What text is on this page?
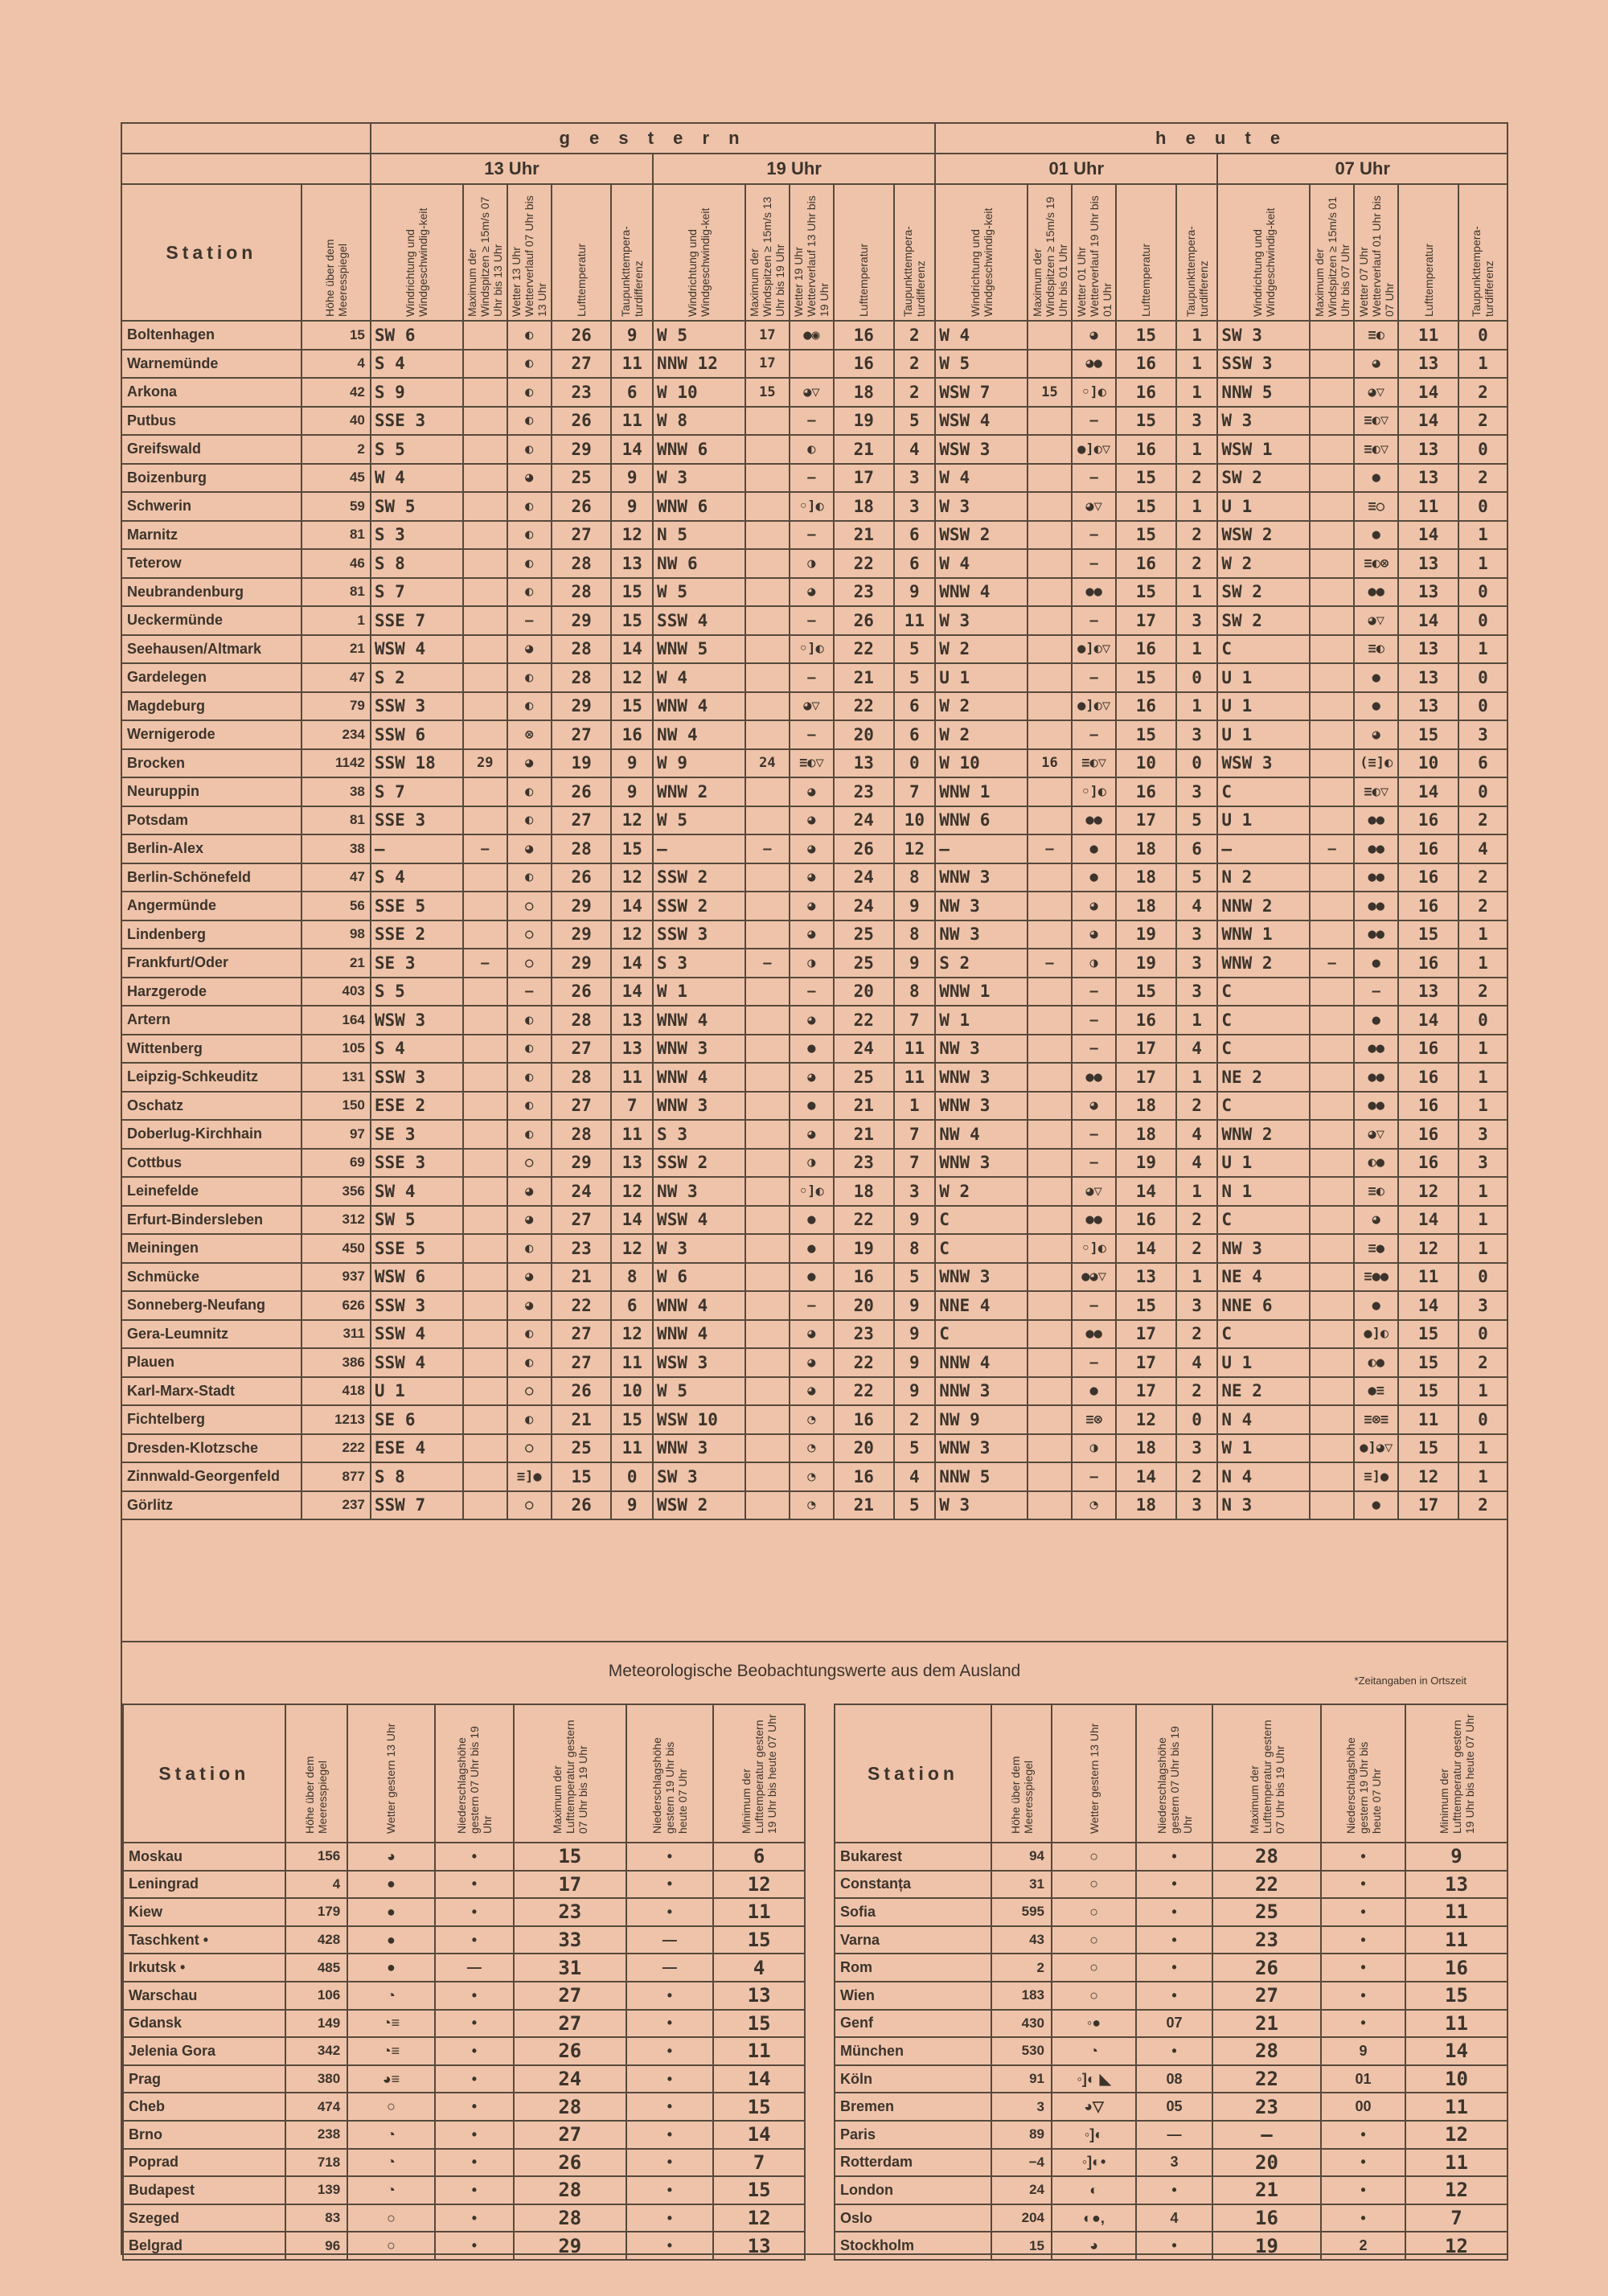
		g e s t e r n										h e u t e									
		13 Uhr					19 Uhr					01 Uhr					07 Uhr				
Station	Höhe über dem Meeresspiegel	Windrichtung und Windgeschwindig-keit	Maximum der Windspitzen ≥ 15m/s 07 Uhr bis 13 Uhr	Wetter 13 Uhr Wetterverlauf 07 Uhr bis 13 Uhr	Lufttemperatur	Taupunkttempera-turdifferenz	Windrichtung und Windgeschwindig-keit	Maximum der Windspitzen ≥ 15m/s 13 Uhr bis 19 Uhr	Wetter 19 Uhr Wetterverlauf 13 Uhr bis 19 Uhr	Lufttemperatur	Taupunkttempera-turdifferenz	Windrichtung und Windgeschwindig-keit	Maximum der Windspitzen ≥ 15m/s 19 Uhr bis 01 Uhr	Wetter 01 Uhr Wetterverlauf 19 Uhr bis 01 Uhr	Lufttemperatur	Taupunkttempera-turdifferenz	Windrichtung und Windgeschwindig-keit	Maximum der Windspitzen ≥ 15m/s 01 Uhr bis 07 Uhr	Wetter 07 Uhr Wetterverlauf 01 Uhr bis 07 Uhr	Lufttemperatur	Taupunkttempera-turdifferenz

Boltenhagen	15	SW 6		◐	26	9	W 5	17	●◉	16	2	W 4		◕	15	1	SW 3		≡◐	11	0
Warnemünde	4	S 4		◐	27	11	NNW 12	17		16	2	W 5		◕●	16	1	SSW 3		◕	13	1
Arkona	42	S 9		◐	23	6	W 10	15	◕▽	18	2	WSW 7	15	◦]◐	16	1	NNW 5		◕▽	14	2
Putbus	40	SSE 3		◐	26	11	W 8		—	19	5	WSW 4		—	15	3	W 3		≡◐▽	14	2
Greifswald	2	S 5		◐	29	14	WNW 6		◐	21	4	WSW 3		●]◐▽	16	1	WSW 1		≡◐▽	13	0
Boizenburg	45	W 4		◕	25	9	W 3		—	17	3	W 4		—	15	2	SW 2		●	13	2
Schwerin	59	SW 5		◐	26	9	WNW 6		◦]◐	18	3	W 3		◕▽	15	1	U 1		≡○	11	0
Marnitz	81	S 3		◐	27	12	N 5		—	21	6	WSW 2		—	15	2	WSW 2		●	14	1
Teterow	46	S 8		◐	28	13	NW 6		◑	22	6	W 4		—	16	2	W 2		≡◐⊗	13	1
Neubrandenburg	81	S 7		◐	28	15	W 5		◕	23	9	WNW 4		●●	15	1	SW 2		●●	13	0
Ueckermünde	1	SSE 7		—	29	15	SSW 4		—	26	11	W 3		—	17	3	SW 2		◕▽	14	0
Seehausen/Altmark	21	WSW 4		◕	28	14	WNW 5		◦]◐	22	5	W 2		●]◐▽	16	1	C		≡◐	13	1
Gardelegen	47	S 2		◐	28	12	W 4		—	21	5	U 1		—	15	0	U 1		●	13	0
Magdeburg	79	SSW 3		◐	29	15	WNW 4		◕▽	22	6	W 2		●]◐▽	16	1	U 1		●	13	0
Wernigerode	234	SSW 6		⊗	27	16	NW 4		—	20	6	W 2		—	15	3	U 1		◕	15	3
Brocken	1142	SSW 18	29	◕	19	9	W 9	24	≡◐▽	13	0	W 10	16	≡◐▽	10	0	WSW 3		(≡]◐	10	6
Neuruppin	38	S 7		◐	26	9	WNW 2		◕	23	7	WNW 1		◦]◐	16	3	C		≡◐▽	14	0
Potsdam	81	SSE 3		◐	27	12	W 5		◕	24	10	WNW 6		●●	17	5	U 1		●●	16	2
Berlin-Alex	38	—	—	◕	28	15	—	—	◕	26	12	—	—	●	18	6	—	—	●●	16	4
Berlin-Schönefeld	47	S 4		◐	26	12	SSW 2		◕	24	8	WNW 3		●	18	5	N 2		●●	16	2
Angermünde	56	SSE 5		○	29	14	SSW 2		◕	24	9	NW 3		◕	18	4	NNW 2		●●	16	2
Lindenberg	98	SSE 2		○	29	12	SSW 3		◕	25	8	NW 3		◕	19	3	WNW 1		●●	15	1
Frankfurt/Oder	21	SE 3	—	○	29	14	S 3	—	◑	25	9	S 2	—	◑	19	3	WNW 2	—	●	16	1
Harzgerode	403	S 5		—	26	14	W 1		—	20	8	WNW 1		—	15	3	C		—	13	2
Artern	164	WSW 3		◐	28	13	WNW 4		◕	22	7	W 1		—	16	1	C		●	14	0
Wittenberg	105	S 4		◐	27	13	WNW 3		●	24	11	NW 3		—	17	4	C		●●	16	1
Leipzig-Schkeuditz	131	SSW 3		◐	28	11	WNW 4		◕	25	11	WNW 3		●●	17	1	NE 2		●●	16	1
Oschatz	150	ESE 2		◐	27	7	WNW 3		●	21	1	WNW 3		◕	18	2	C		●●	16	1
Doberlug-Kirchhain	97	SE 3		◐	28	11	S 3		◕	21	7	NW 4		—	18	4	WNW 2		◕▽	16	3
Cottbus	69	SSE 3		○	29	13	SSW 2		◑	23	7	WNW 3		—	19	4	U 1		◐●	16	3
Leinefelde	356	SW 4		◕	24	12	NW 3		◦]◐	18	3	W 2		◕▽	14	1	N 1		≡◐	12	1
Erfurt-Bindersleben	312	SW 5		◕	27	14	WSW 4		●	22	9	C		●●	16	2	C		◕	14	1
Meiningen	450	SSE 5		◐	23	12	W 3		●	19	8	C		◦]◐	14	2	NW 3		≡●	12	1
Schmücke	937	WSW 6		◕	21	8	W 6		●	16	5	WNW 3		●◕▽	13	1	NE 4		≡●●	11	0
Sonneberg-Neufang	626	SSW 3		◕	22	6	WNW 4		—	20	9	NNE 4		—	15	3	NNE 6		●	14	3
Gera-Leumnitz	311	SSW 4		◐	27	12	WNW 4		◕	23	9	C		●●	17	2	C		●]◐	15	0
Plauen	386	SSW 4		◐	27	11	WSW 3		◕	22	9	NNW 4		—	17	4	U 1		◐●	15	2
Karl-Marx-Stadt	418	U 1		○	26	10	W 5		◕	22	9	NNW 3		●	17	2	NE 2		●≡	15	1
Fichtelberg	1213	SE 6		◐	21	15	WSW 10		◔	16	2	NW 9		≡⊗	12	0	N 4		≡⊗≡	11	0
Dresden-Klotzsche	222	ESE 4		○	25	11	WNW 3		◔	20	5	WNW 3		◑	18	3	W 1		●]◕▽	15	1
Zinnwald-Georgenfeld	877	S 8		≡]●	15	0	SW 3		◔	16	4	NNW 5		—	14	2	N 4		≡]●	12	1
Görlitz	237	SSW 7		○	26	9	WSW 2		◔	21	5	W 3		◔	18	3	N 3		●	17	2
Meteorologische Beobachtungswerte aus dem Ausland
*Zeitangaben in Ortszeit
Station	Höhe über dem Meeresspiegel	Wetter gestern 13 Uhr	Niederschlagshöhe gestern 07 Uhr bis 19 Uhr	Maximum der Lufttemperatur gestern 07 Uhr bis 19 Uhr	Niederschlagshöhe gestern 19 Uhr bis heute 07 Uhr	Minimum der Lufttemperatur gestern 19 Uhr bis heute 07 Uhr

Moskau	156	◕	•	15	•	6
Leningrad	4	●	•	17	•	12
Kiew	179	●	•	23	•	11
Taschkent •	428	●	•	33	—	15
Irkutsk •	485	●	—	31	—	4
Warschau	106	◔	•	27	•	13
Gdansk	149	◔≡	•	27	•	15
Jelenia Gora	342	◔≡	•	26	•	11
Prag	380	◕≡	•	24	•	14
Cheb	474	○	•	28	•	15
Brno	238	◔	•	27	•	14
Poprad	718	◔	•	26	•	7
Budapest	139	◔	•	28	•	15
Szeged	83	○	•	28	•	12
Belgrad	96	○	•	29	•	13
Station	Höhe über dem Meeresspiegel	Wetter gestern 13 Uhr	Niederschlagshöhe gestern 07 Uhr bis 19 Uhr	Maximum der Lufttemperatur gestern 07 Uhr bis 19 Uhr	Niederschlagshöhe gestern 19 Uhr bis heute 07 Uhr	Minimum der Lufttemperatur gestern 19 Uhr bis heute 07 Uhr

Bukarest	94	○	•	28	•	9
Constanța	31	○	•	22	•	13
Sofia	595	○	•	25	•	11
Varna	43	○	•	23	•	11
Rom	2	○	•	26	•	16
Wien	183	○	•	27	•	15
Genf	430	◦●	07	21	•	11
München	530	◔	•	28	9	14
Köln	91	◦]◐ ◣	08	22	01	10
Bremen	3	◕▽	05	23	00	11
Paris	89	◦]◐	—	—	•	12
Rotterdam	−4	◦]◐•	3	20	•	11
London	24	◐	•	21	•	12
Oslo	204	◐●,	4	16	•	7
Stockholm	15	◕	•	19	2	12
